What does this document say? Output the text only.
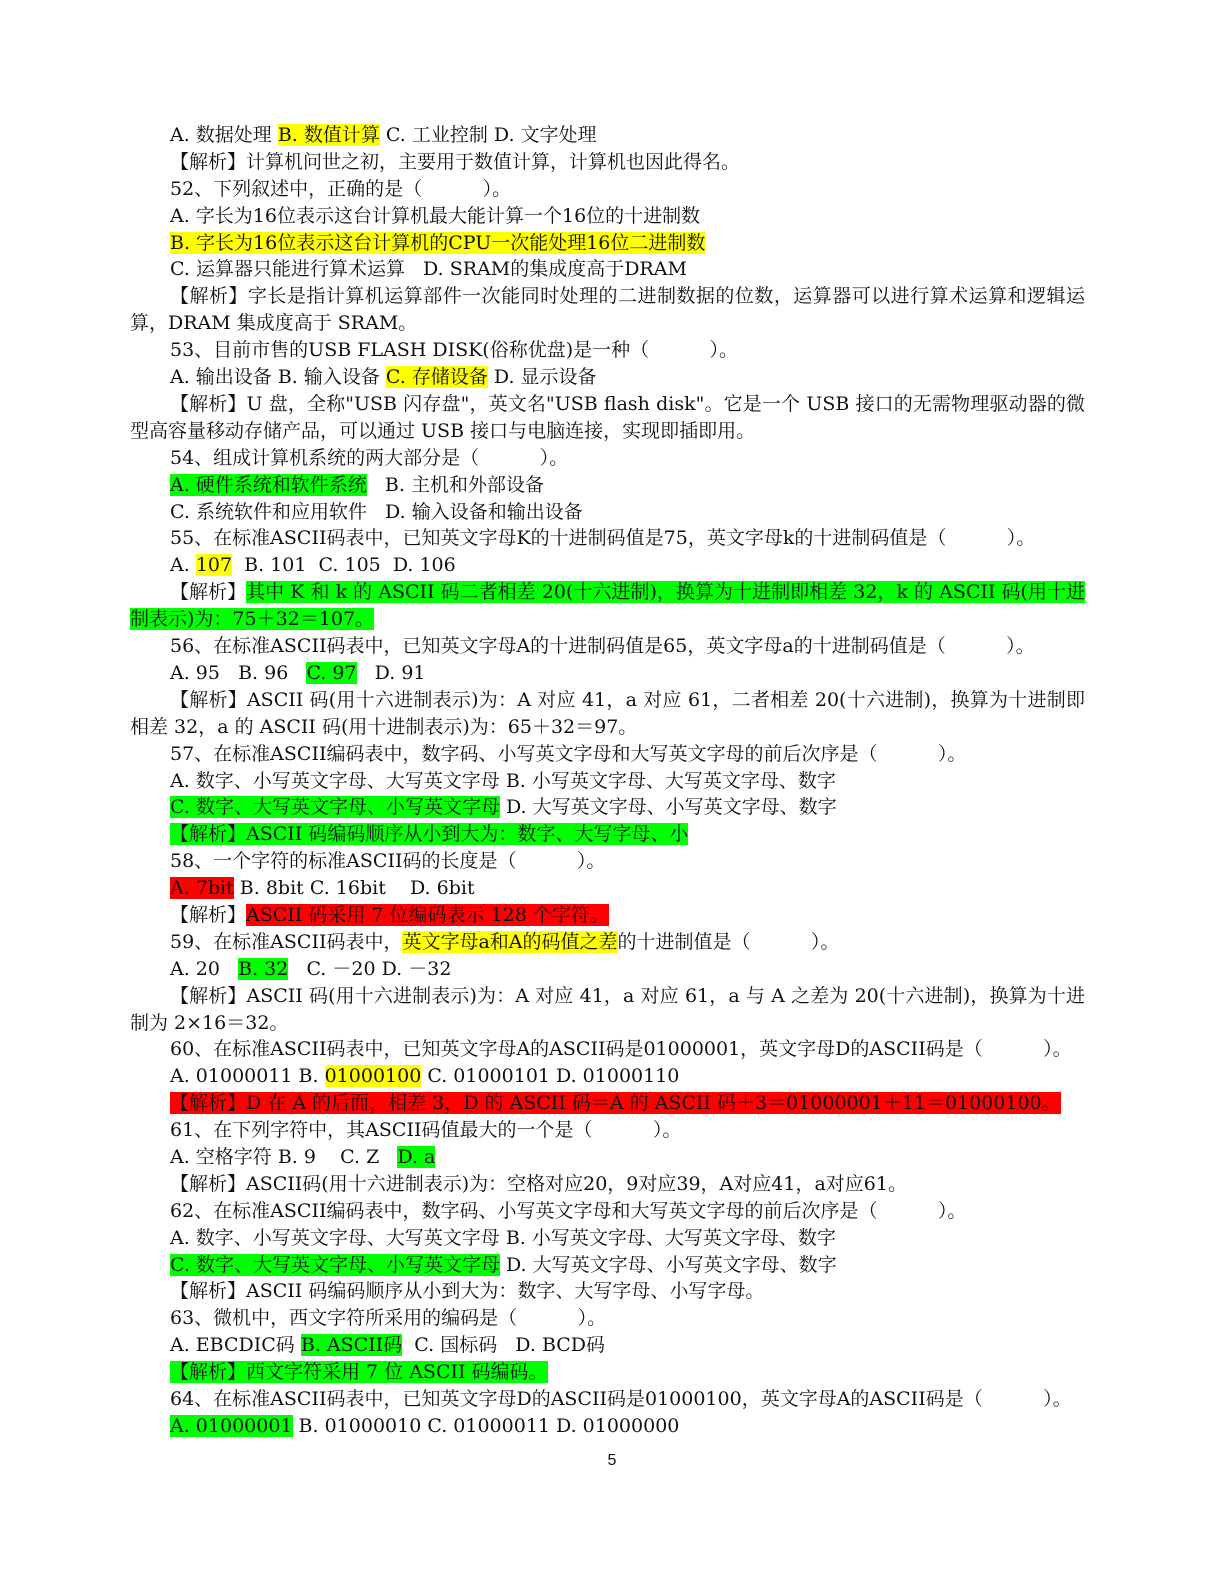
A. 数据处理 B. 数值计算 C. 工业控制 D. 文字处理
【解析】计算机问世之初，主要用于数值计算，计算机也因此得名。
52、下列叙述中，正确的是（          ）。
A. 字长为16位表示这台计算机最大能计算一个16位的十进制数
B. 字长为16位表示这台计算机的CPU一次能处理16位二进制数
C. 运算器只能进行算术运算   D. SRAM的集成度高于DRAM
【解析】字长是指计算机运算部件一次能同时处理的二进制数据的位数，运算器可以进行算术运算和逻辑运算，DRAM 集成度高于 SRAM。
53、目前市售的USB FLASH DISK(俗称优盘)是一种（          ）。
A. 输出设备 B. 输入设备 C. 存储设备 D. 显示设备
【解析】U 盘，全称"USB 闪存盘"，英文名"USB flash disk"。它是一个 USB 接口的无需物理驱动器的微型高容量移动存储产品，可以通过 USB 接口与电脑连接，实现即插即用。
54、组成计算机系统的两大部分是（          ）。
A. 硬件系统和软件系统   B. 主机和外部设备
C. 系统软件和应用软件   D. 输入设备和输出设备
55、在标准ASCII码表中，已知英文字母K的十进制码值是75，英文字母k的十进制码值是（          ）。
A. 107  B. 101  C. 105  D. 106
【解析】其中 K 和 k 的 ASCII 码二者相差 20(十六进制)，换算为十进制即相差 32，k 的 ASCII 码(用十进制表示)为：75＋32＝107。
56、在标准ASCII码表中，已知英文字母A的十进制码值是65，英文字母a的十进制码值是（          ）。
A. 95   B. 96   C. 97   D. 91
【解析】ASCII 码(用十六进制表示)为：A 对应 41，a 对应 61，二者相差 20(十六进制)，换算为十进制即相差 32，a 的 ASCII 码(用十进制表示)为：65＋32＝97。
57、在标准ASCII编码表中，数字码、小写英文字母和大写英文字母的前后次序是（          ）。
A. 数字、小写英文字母、大写英文字母 B. 小写英文字母、大写英文字母、数字
C. 数字、大写英文字母、小写英文字母 D. 大写英文字母、小写英文字母、数字
【解析】ASCII 码编码顺序从小到大为：数字、大写字母、小
58、一个字符的标准ASCII码的长度是（          ）。
A. 7bit B. 8bit C. 16bit    D. 6bit
【解析】ASCII 码采用 7 位编码表示 128 个字符。
59、在标准ASCII码表中，英文字母a和A的码值之差的十进制值是（          ）。
A. 20   B. 32   C. －20 D. －32
【解析】ASCII 码(用十六进制表示)为：A 对应 41，a 对应 61，a 与 A 之差为 20(十六进制)，换算为十进制为 2×16＝32。
60、在标准ASCII码表中，已知英文字母A的ASCII码是01000001，英文字母D的ASCII码是（          ）。
A. 01000011 B. 01000100 C. 01000101 D. 01000110
【解析】D 在 A 的后面，相差 3，D 的 ASCII 码＝A 的 ASCII 码＋3＝01000001＋11＝01000100。
61、在下列字符中，其ASCII码值最大的一个是（          ）。
A. 空格字符 B. 9    C. Z   D. a
【解析】ASCII码(用十六进制表示)为：空格对应20，9对应39，A对应41，a对应61。
62、在标准ASCII编码表中，数字码、小写英文字母和大写英文字母的前后次序是（          ）。
A. 数字、小写英文字母、大写英文字母 B. 小写英文字母、大写英文字母、数字
C. 数字、大写英文字母、小写英文字母 D. 大写英文字母、小写英文字母、数字
【解析】ASCII 码编码顺序从小到大为：数字、大写字母、小写字母。
63、微机中，西文字符所采用的编码是（          ）。
A. EBCDIC码 B. ASCII码  C. 国标码   D. BCD码
【解析】西文字符采用 7 位 ASCII 码编码。
64、在标准ASCII码表中，已知英文字母D的ASCII码是01000100，英文字母A的ASCII码是（          ）。
A. 01000001 B. 01000010 C. 01000011 D. 01000000
5
